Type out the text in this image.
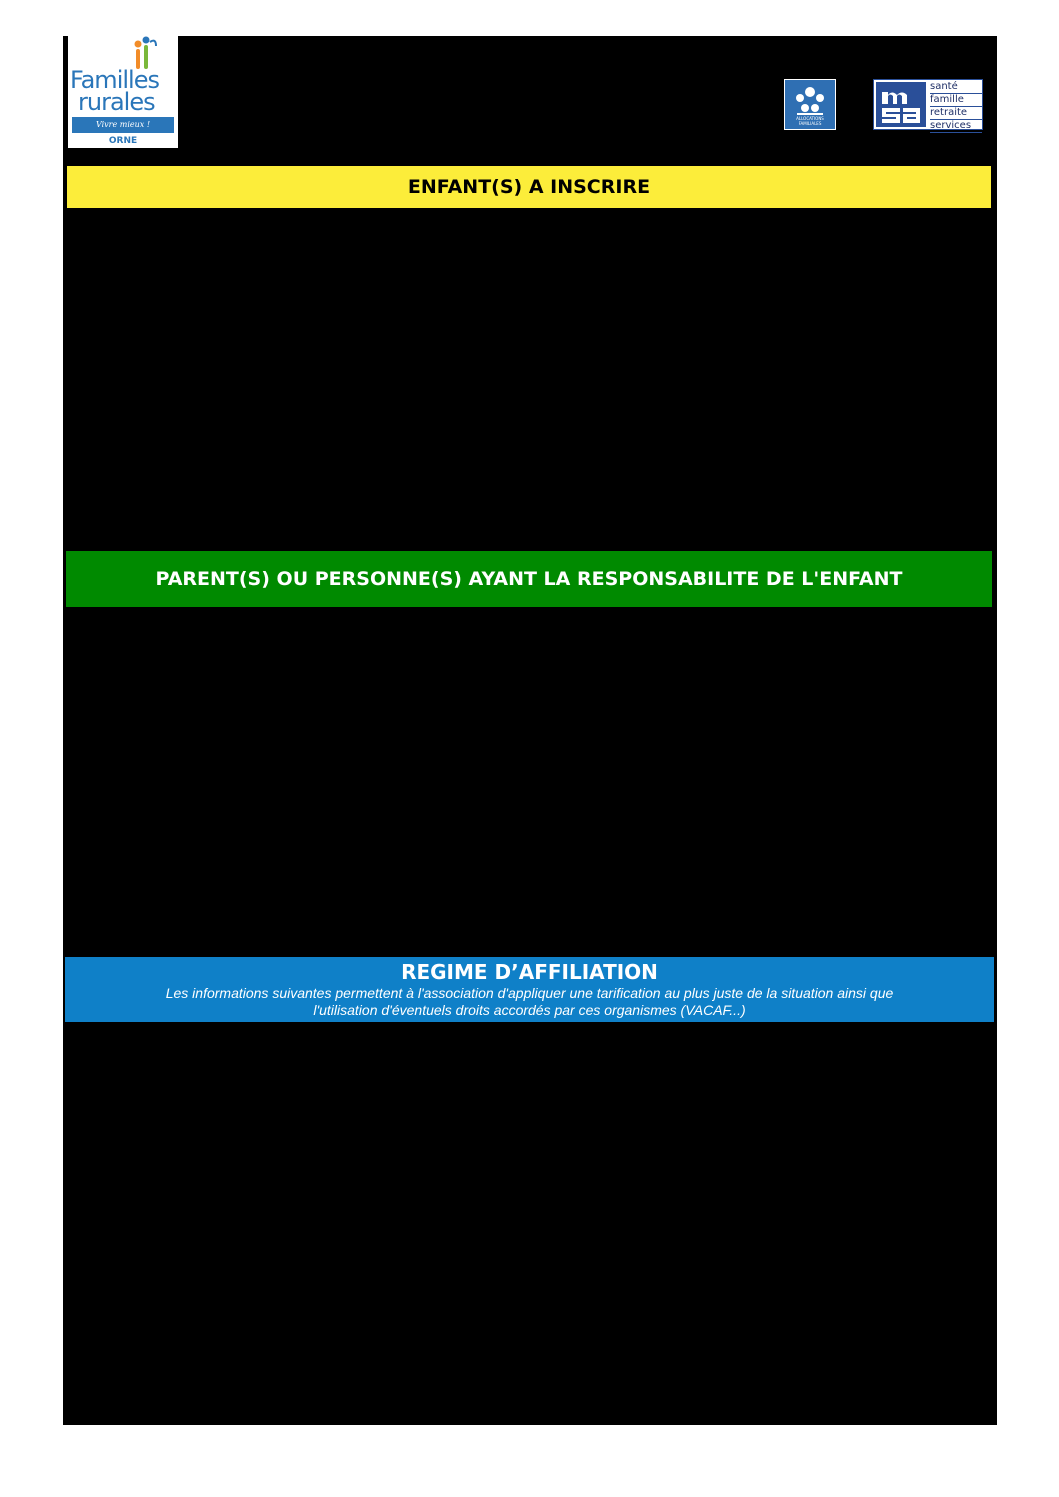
Familles
rurales
Vivre mieux !
ORNE
ALLOCATIONS FAMILIALES
santé
famille
retraite
services
ENFANT(S) A INSCRIRE
PARENT(S) OU PERSONNE(S) AYANT LA RESPONSABILITE DE L'ENFANT
REGIME D’AFFILIATION
Les informations suivantes permettent à l'association d'appliquer une tarification au plus juste de la situation ainsi que
l'utilisation d'éventuels droits accordés par ces organismes (VACAF...)
